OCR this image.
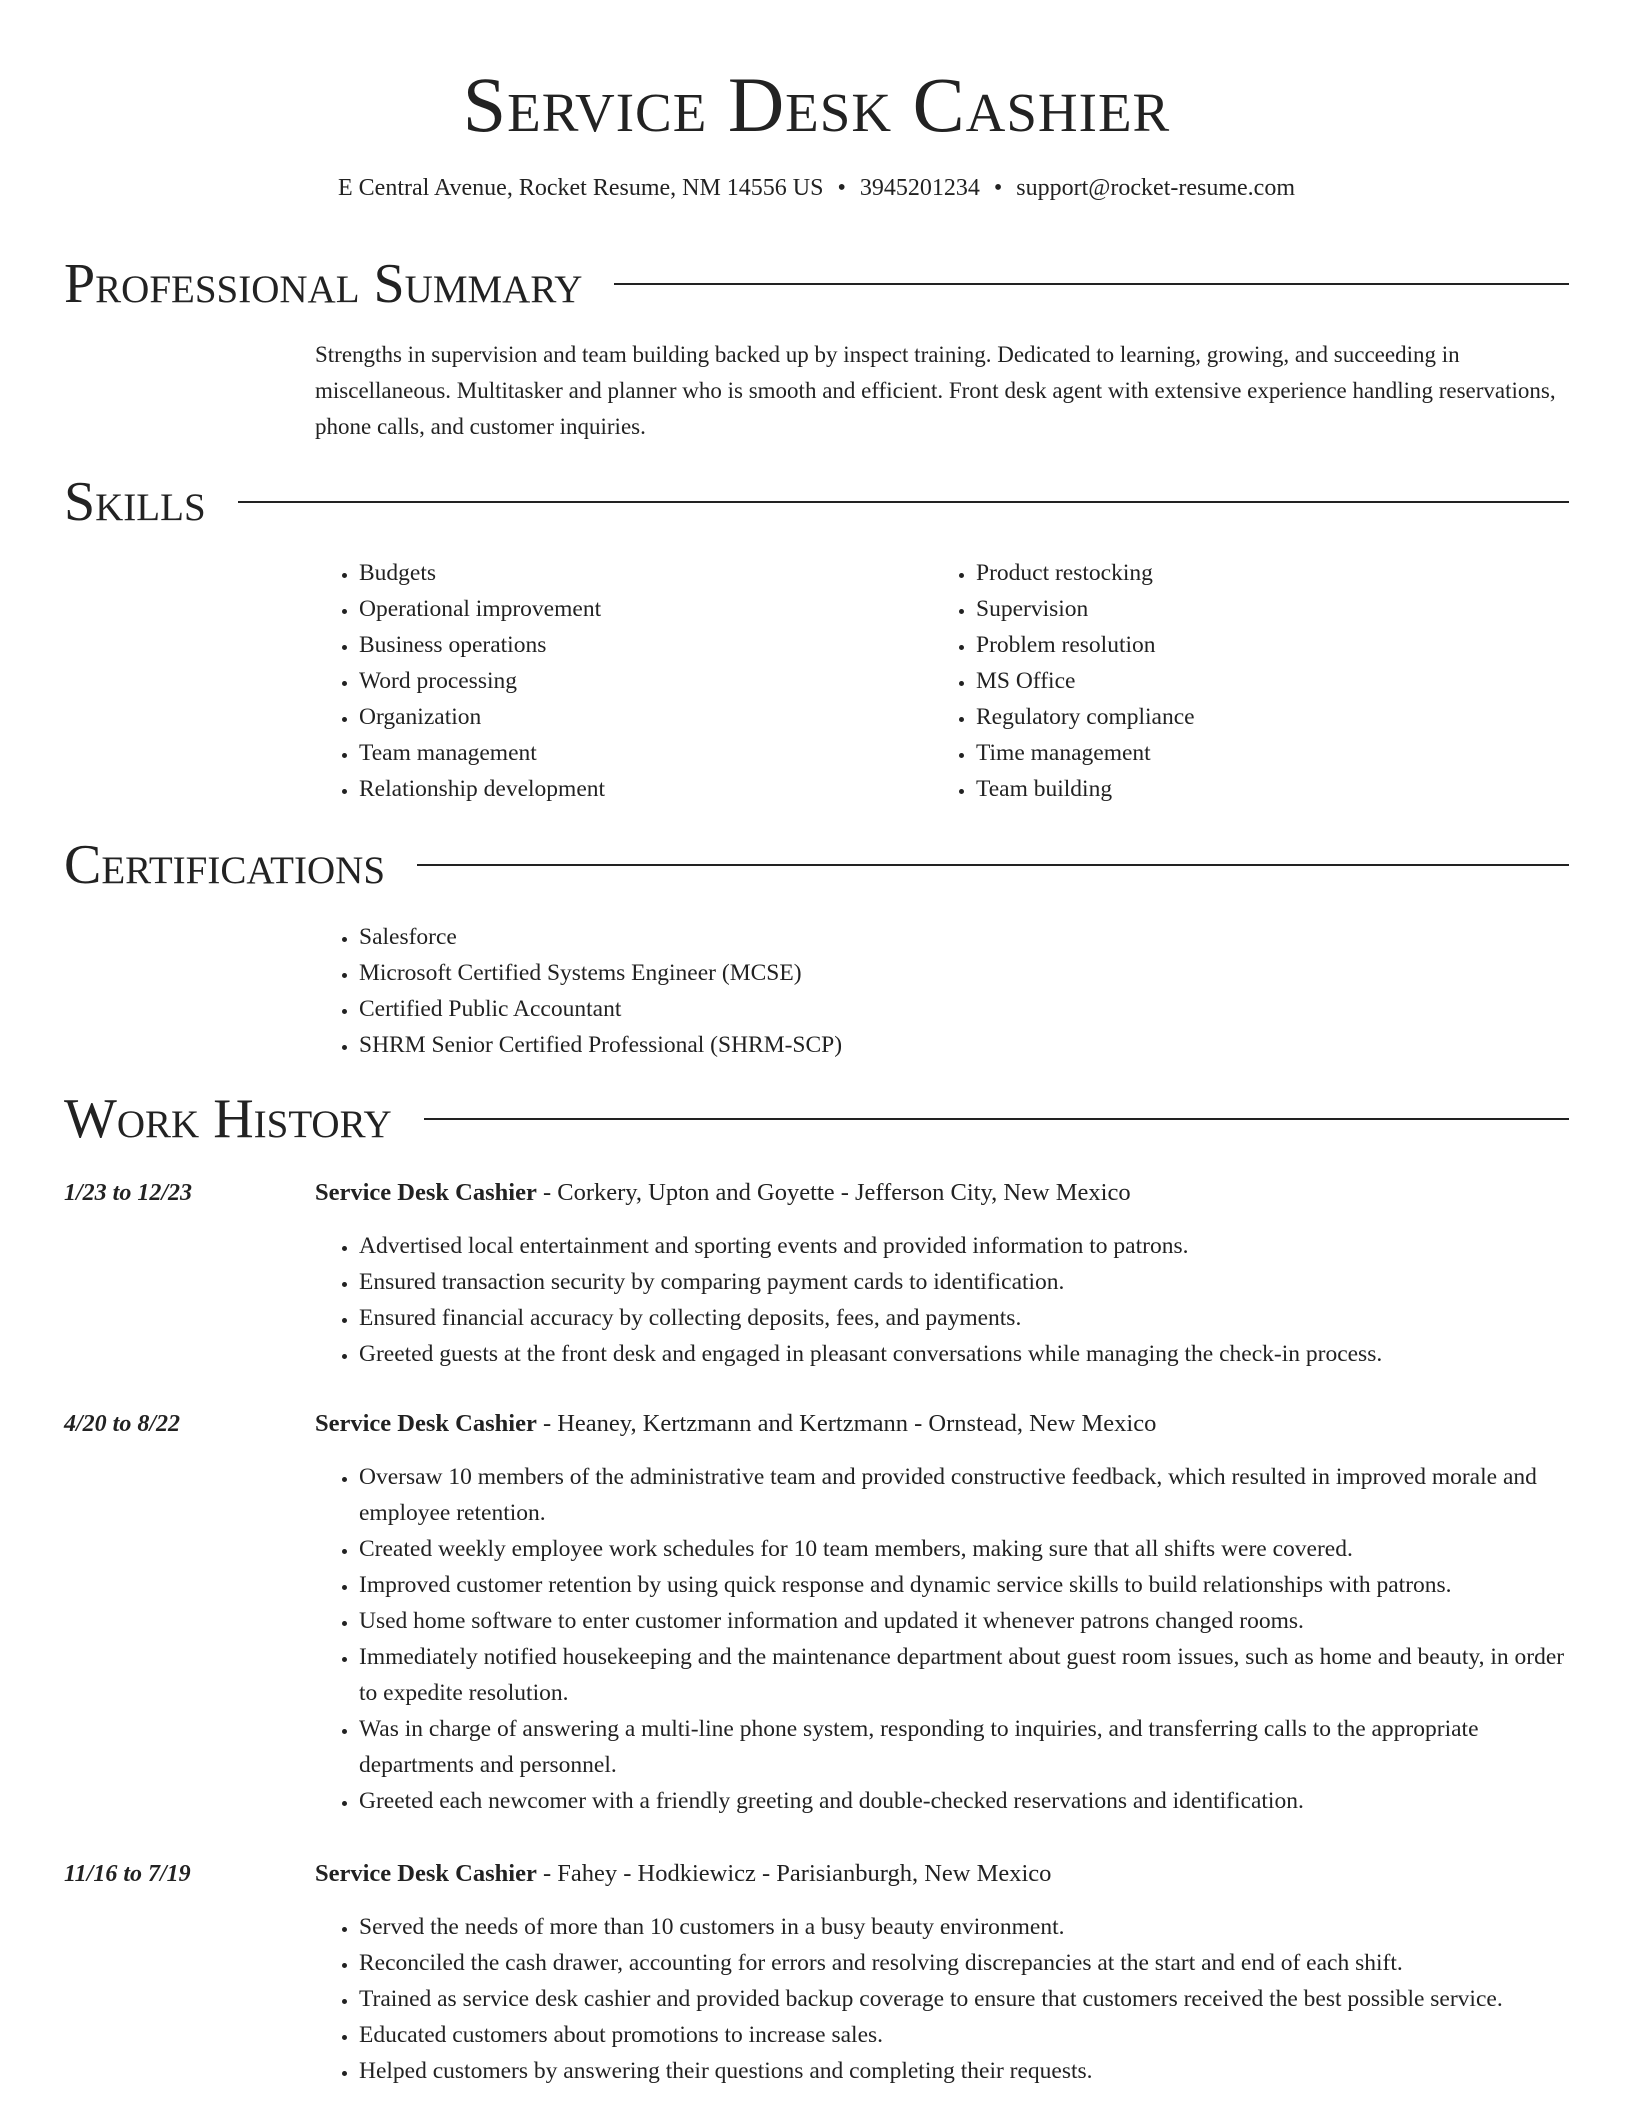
Service Desk Cashier
E Central Avenue, Rocket Resume, NM 14556 US • 3945201234 • support@rocket-resume.com
Professional Summary

Strengths in supervision and team building backed up by inspect training. Dedicated to learning, growing, and succeeding in miscellaneous. Multitasker and planner who is smooth and efficient. Front desk agent with extensive experience handling reservations, phone calls, and customer inquiries.

Skills
• Budgets
• Operational improvement
• Business operations
• Word processing
• Organization
• Team management
• Relationship development
• Product restocking
• Supervision
• Problem resolution
• MS Office
• Regulatory compliance
• Time management
• Team building
Certifications
• Salesforce
• Microsoft Certified Systems Engineer (MCSE)
• Certified Public Accountant
• SHRM Senior Certified Professional (SHRM-SCP)
Work History
1/23 to 12/23	Service Desk Cashier - Corkery, Upton and Goyette - Jefferson City, New Mexico
• Advertised local entertainment and sporting events and provided information to patrons.
• Ensured transaction security by comparing payment cards to identification.
• Ensured financial accuracy by collecting deposits, fees, and payments.
• Greeted guests at the front desk and engaged in pleasant conversations while managing the check-in process.
4/20 to 8/22	Service Desk Cashier - Heaney, Kertzmann and Kertzmann - Ornstead, New Mexico
• Oversaw 10 members of the administrative team and provided constructive feedback, which resulted in improved morale and employee retention.
• Created weekly employee work schedules for 10 team members, making sure that all shifts were covered.
• Improved customer retention by using quick response and dynamic service skills to build relationships with patrons.
• Used home software to enter customer information and updated it whenever patrons changed rooms.
• Immediately notified housekeeping and the maintenance department about guest room issues, such as home and beauty, in order to expedite resolution.
• Was in charge of answering a multi-line phone system, responding to inquiries, and transferring calls to the appropriate departments and personnel.
• Greeted each newcomer with a friendly greeting and double-checked reservations and identification.
11/16 to 7/19	Service Desk Cashier - Fahey - Hodkiewicz - Parisianburgh, New Mexico
• Served the needs of more than 10 customers in a busy beauty environment.
• Reconciled the cash drawer, accounting for errors and resolving discrepancies at the start and end of each shift.
• Trained as service desk cashier and provided backup coverage to ensure that customers received the best possible service.
• Educated customers about promotions to increase sales.
• Helped customers by answering their questions and completing their requests.
